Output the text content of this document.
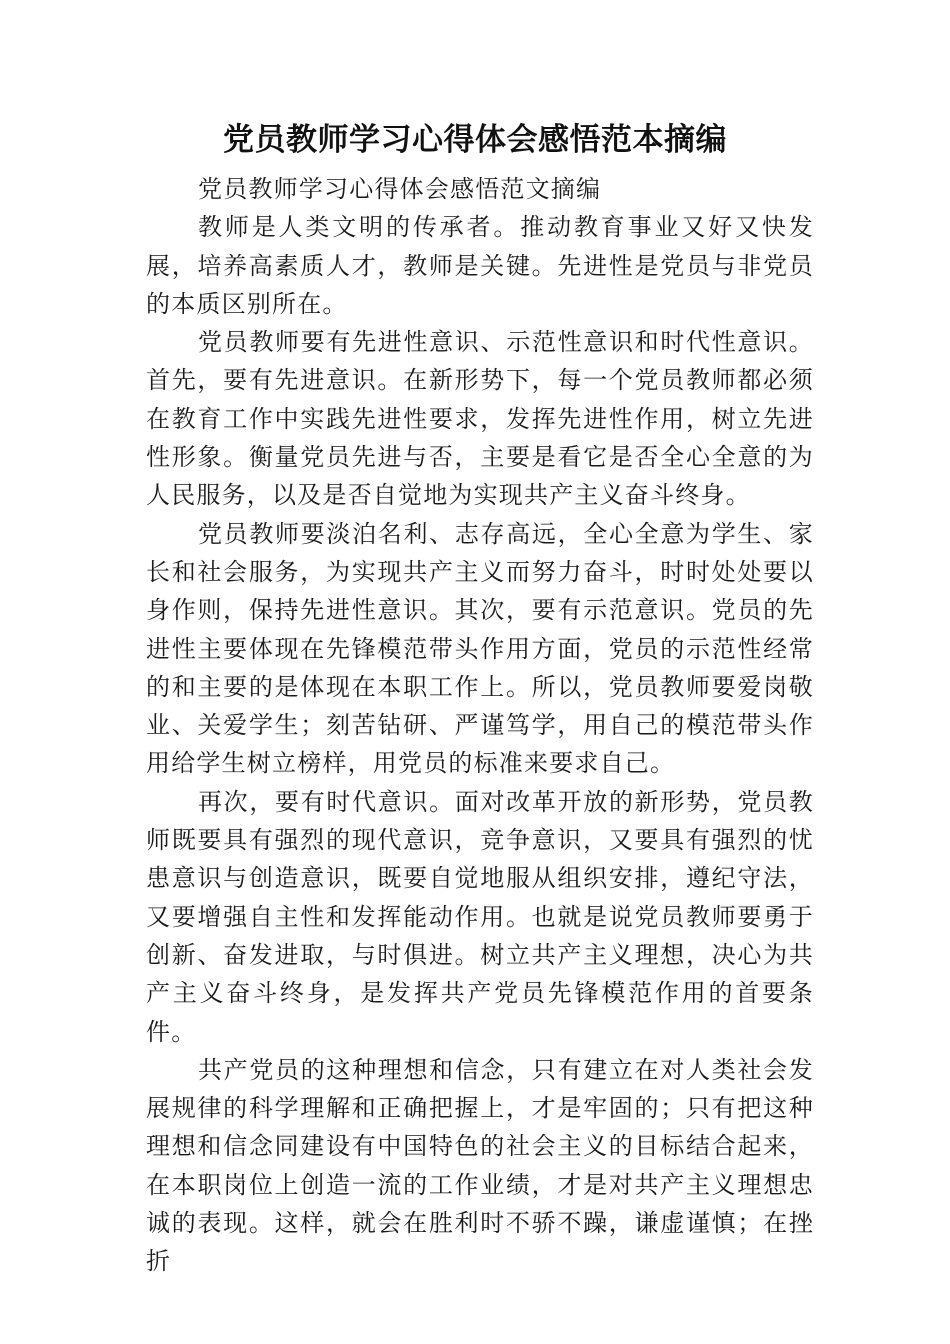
党员教师学习心得体会感悟范本摘编

党员教师学习心得体会感悟范文摘编

教师是人类文明的传承者。推动教育事业又好又快发展，培养高素质人才，教师是关键。先进性是党员与非党员的本质区别所在。

党员教师要有先进性意识、示范性意识和时代性意识。首先，要有先进意识。在新形势下，每一个党员教师都必须在教育工作中实践先进性要求，发挥先进性作用，树立先进性形象。衡量党员先进与否，主要是看它是否全心全意的为人民服务，以及是否自觉地为实现共产主义奋斗终身。

党员教师要淡泊名利、志存高远，全心全意为学生、家长和社会服务，为实现共产主义而努力奋斗，时时处处要以身作则，保持先进性意识。其次，要有示范意识。党员的先进性主要体现在先锋模范带头作用方面，党员的示范性经常的和主要的是体现在本职工作上。所以，党员教师要爱岗敬业、关爱学生；刻苦钻研、严谨笃学，用自己的模范带头作用给学生树立榜样，用党员的标准来要求自己。

再次，要有时代意识。面对改革开放的新形势，党员教师既要具有强烈的现代意识，竞争意识，又要具有强烈的忧患意识与创造意识，既要自觉地服从组织安排，遵纪守法，又要增强自主性和发挥能动作用。也就是说党员教师要勇于创新、奋发进取，与时俱进。树立共产主义理想，决心为共产主义奋斗终身，是发挥共产党员先锋模范作用的首要条件。

共产党员的这种理想和信念，只有建立在对人类社会发展规律的科学理解和正确把握上，才是牢固的；只有把这种理想和信念同建设有中国特色的社会主义的目标结合起来，在本职岗位上创造一流的工作业绩，才是对共产主义理想忠诚的表现。这样，就会在胜利时不骄不躁，谦虚谨慎；在挫折
